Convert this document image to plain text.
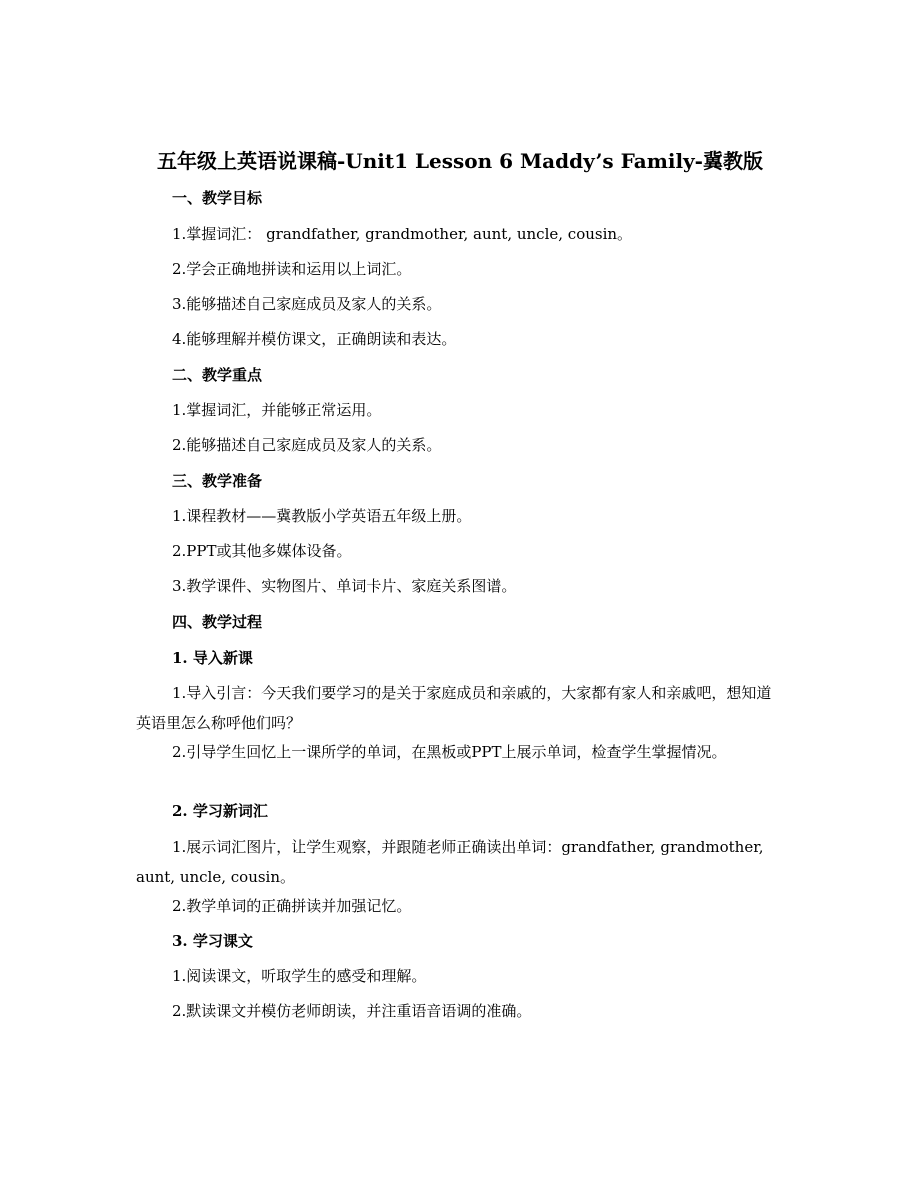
五年级上英语说课稿-Unit1 Lesson 6 Maddy’s Family-冀教版
一、教学目标
1.掌握词汇： grandfather, grandmother, aunt, uncle, cousin。
2.学会正确地拼读和运用以上词汇。
3.能够描述自己家庭成员及家人的关系。
4.能够理解并模仿课文，正确朗读和表达。
二、教学重点
1.掌握词汇，并能够正常运用。
2.能够描述自己家庭成员及家人的关系。
三、教学准备
1.课程教材——冀教版小学英语五年级上册。
2.PPT或其他多媒体设备。
3.教学课件、实物图片、单词卡片、家庭关系图谱。
四、教学过程
1. 导入新课
1.导入引言：今天我们要学习的是关于家庭成员和亲戚的，大家都有家人和亲戚吧，想知道英语里怎么称呼他们吗？
2.引导学生回忆上一课所学的单词，在黑板或PPT上展示单词，检查学生掌握情况。
2. 学习新词汇
1.展示词汇图片，让学生观察，并跟随老师正确读出单词：grandfather, grandmother, aunt, uncle, cousin。
2.教学单词的正确拼读并加强记忆。
3. 学习课文
1.阅读课文，听取学生的感受和理解。
2.默读课文并模仿老师朗读，并注重语音语调的准确。
